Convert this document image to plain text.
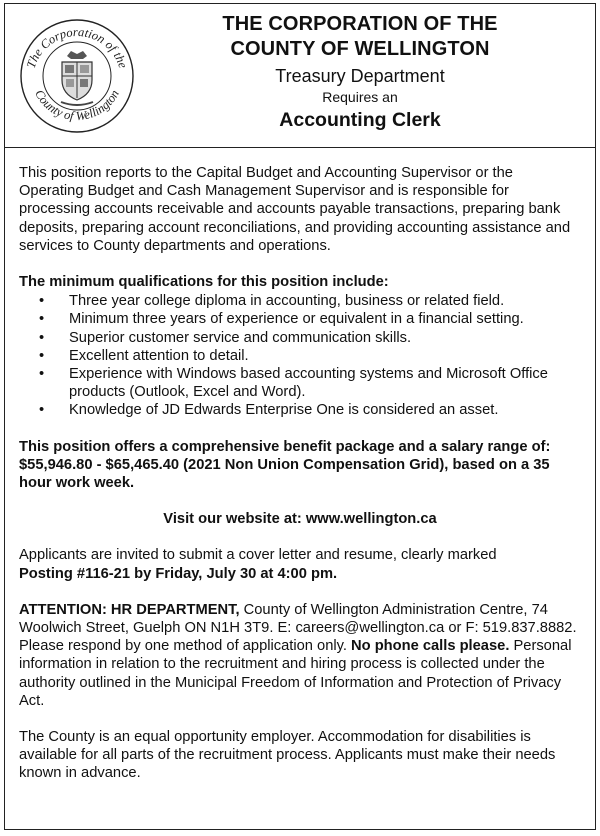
The Corporation of the
County of Wellington
THE CORPORATION OF THE
COUNTY OF WELLINGTON
Treasury Department
Requires an
Accounting Clerk

This position reports to the Capital Budget and Accounting Supervisor or the Operating Budget and Cash Management Supervisor and is responsible for processing accounts receivable and accounts payable transactions, preparing bank deposits, preparing account reconciliations, and providing accounting assistance and services to County departments and operations.

The minimum qualifications for this position include:

• Three year college diploma in accounting, business or related field.
• Minimum three years of experience or equivalent in a financial setting.
• Superior customer service and communication skills.
• Excellent attention to detail.
• Experience with Windows based accounting systems and Microsoft Office products (Outlook, Excel and Word).
• Knowledge of JD Edwards Enterprise One is considered an asset.

This position offers a comprehensive benefit package and a salary range of: $55,946.80 - $65,465.40 (2021 Non Union Compensation Grid), based on a 35 hour work week.

Visit our website at: www.wellington.ca

Applicants are invited to submit a cover letter and resume, clearly marked
Posting #116-21 by Friday, July 30 at 4:00 pm.

ATTENTION: HR DEPARTMENT, County of Wellington Administration Centre, 74 Woolwich Street, Guelph ON N1H 3T9. E: careers@wellington.ca or F: 519.837.8882. Please respond by one method of application only. No phone calls please. Personal information in relation to the recruitment and hiring process is collected under the authority outlined in the Municipal Freedom of Information and Protection of Privacy Act.

The County is an equal opportunity employer. Accommodation for disabilities is available for all parts of the recruitment process. Applicants must make their needs known in advance.
